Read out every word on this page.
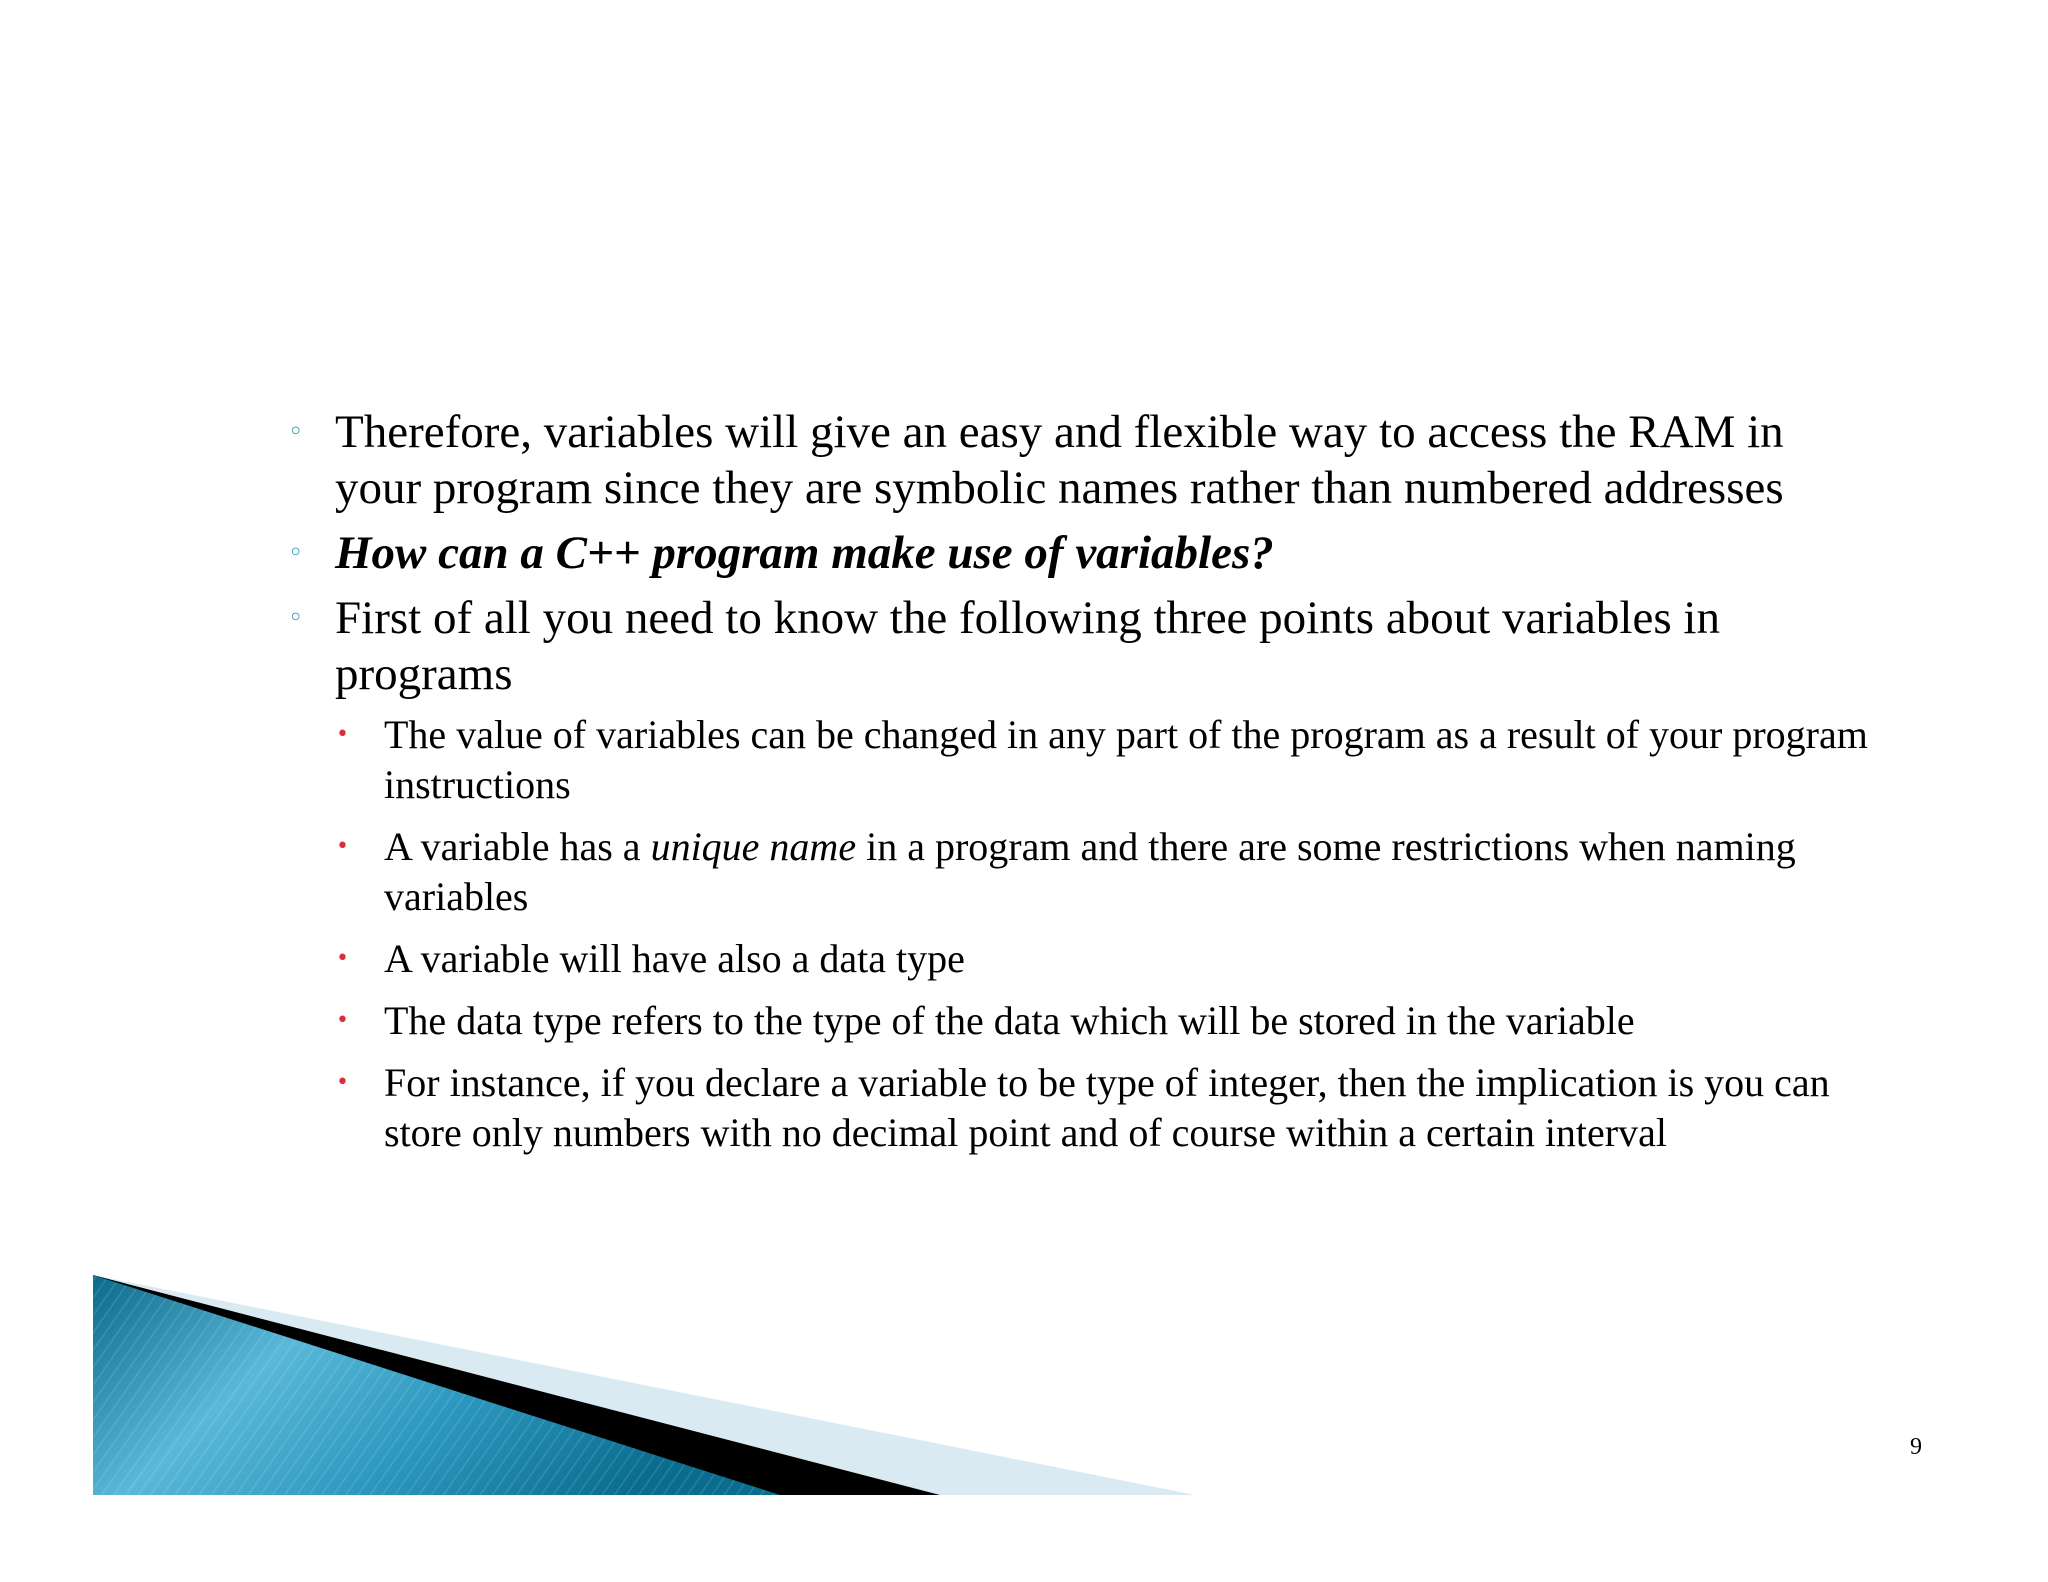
◦ Therefore, variables will give an easy and flexible way to access the RAM in your program since they are symbolic names rather than numbered addresses
◦ How can a C++ program make use of variables?
◦ First of all you need to know the following three points about variables in programs
• The value of variables can be changed in any part of the program as a result of your program instructions
• A variable has a unique name in a program and there are some restrictions when naming variables
• A variable will have also a data type
• The data type refers to the type of the data which will be stored in the variable
• For instance, if you declare a variable to be type of integer, then the implication is you can store only numbers with no decimal point and of course within a certain interval
9
